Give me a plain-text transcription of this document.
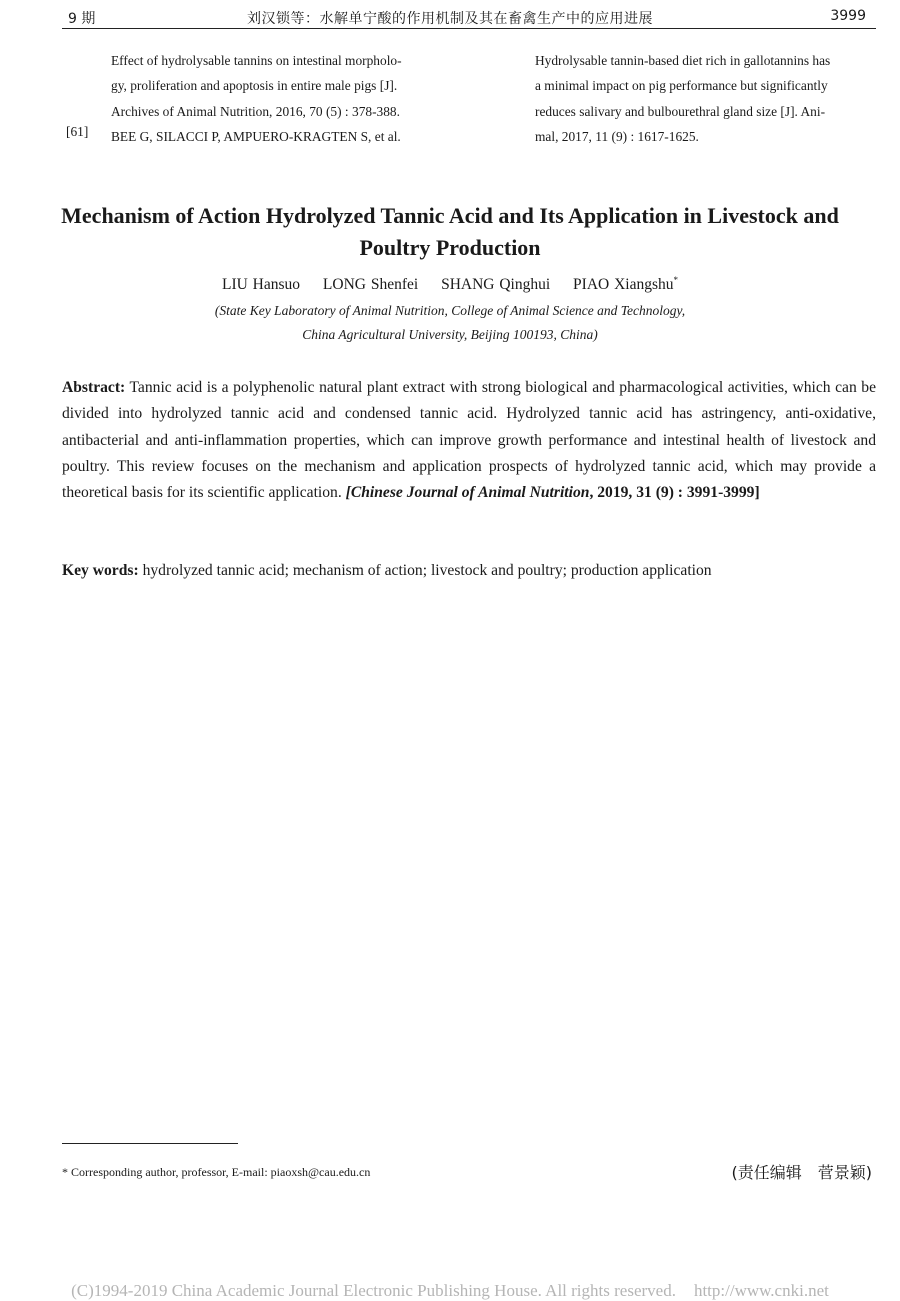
9 期	刘汉锁等：水解单宁酸的作用机制及其在畜禽生产中的应用进展	3999
Effect of hydrolysable tannins on intestinal morpholo-
gy, proliferation and apoptosis in entire male pigs [J].
Archives of Animal Nutrition, 2016, 70 (5) : 378-388.
BEE G, SILACCI P, AMPUERO-KRAGTEN S, et al.
[61]
Hydrolysable tannin-based diet rich in gallotannins has
a minimal impact on pig performance but significantly
reduces salivary and bulbourethral gland size [J]. Ani-
mal, 2017, 11 (9) : 1617-1625.
Mechanism of Action Hydrolyzed Tannic Acid and Its Application in Livestock and Poultry Production
LIU Hansuo LONG Shenfei SHANG Qinghui PIAO Xiangshu*
(State Key Laboratory of Animal Nutrition, College of Animal Science and Technology,
China Agricultural University, Beijing 100193, China)
Abstract: Tannic acid is a polyphenolic natural plant extract with strong biological and pharmacological activities, which can be divided into hydrolyzed tannic acid and condensed tannic acid. Hydrolyzed tannic acid has astringency, anti-oxidative, antibacterial and anti-inflammation properties, which can improve growth performance and intestinal health of livestock and poultry. This review focuses on the mechanism and application prospects of hydrolyzed tannic acid, which may provide a theoretical basis for its scientific application. [Chinese Journal of Animal Nutrition, 2019, 31 (9) : 3991-3999]
Key words: hydrolyzed tannic acid; mechanism of action; livestock and poultry; production application
* Corresponding author, professor, E-mail: piaoxsh@cau.edu.cn	(责任编辑　菅景颖)
(C)1994-2019 China Academic Journal Electronic Publishing House. All rights reserved. http://www.cnki.net
